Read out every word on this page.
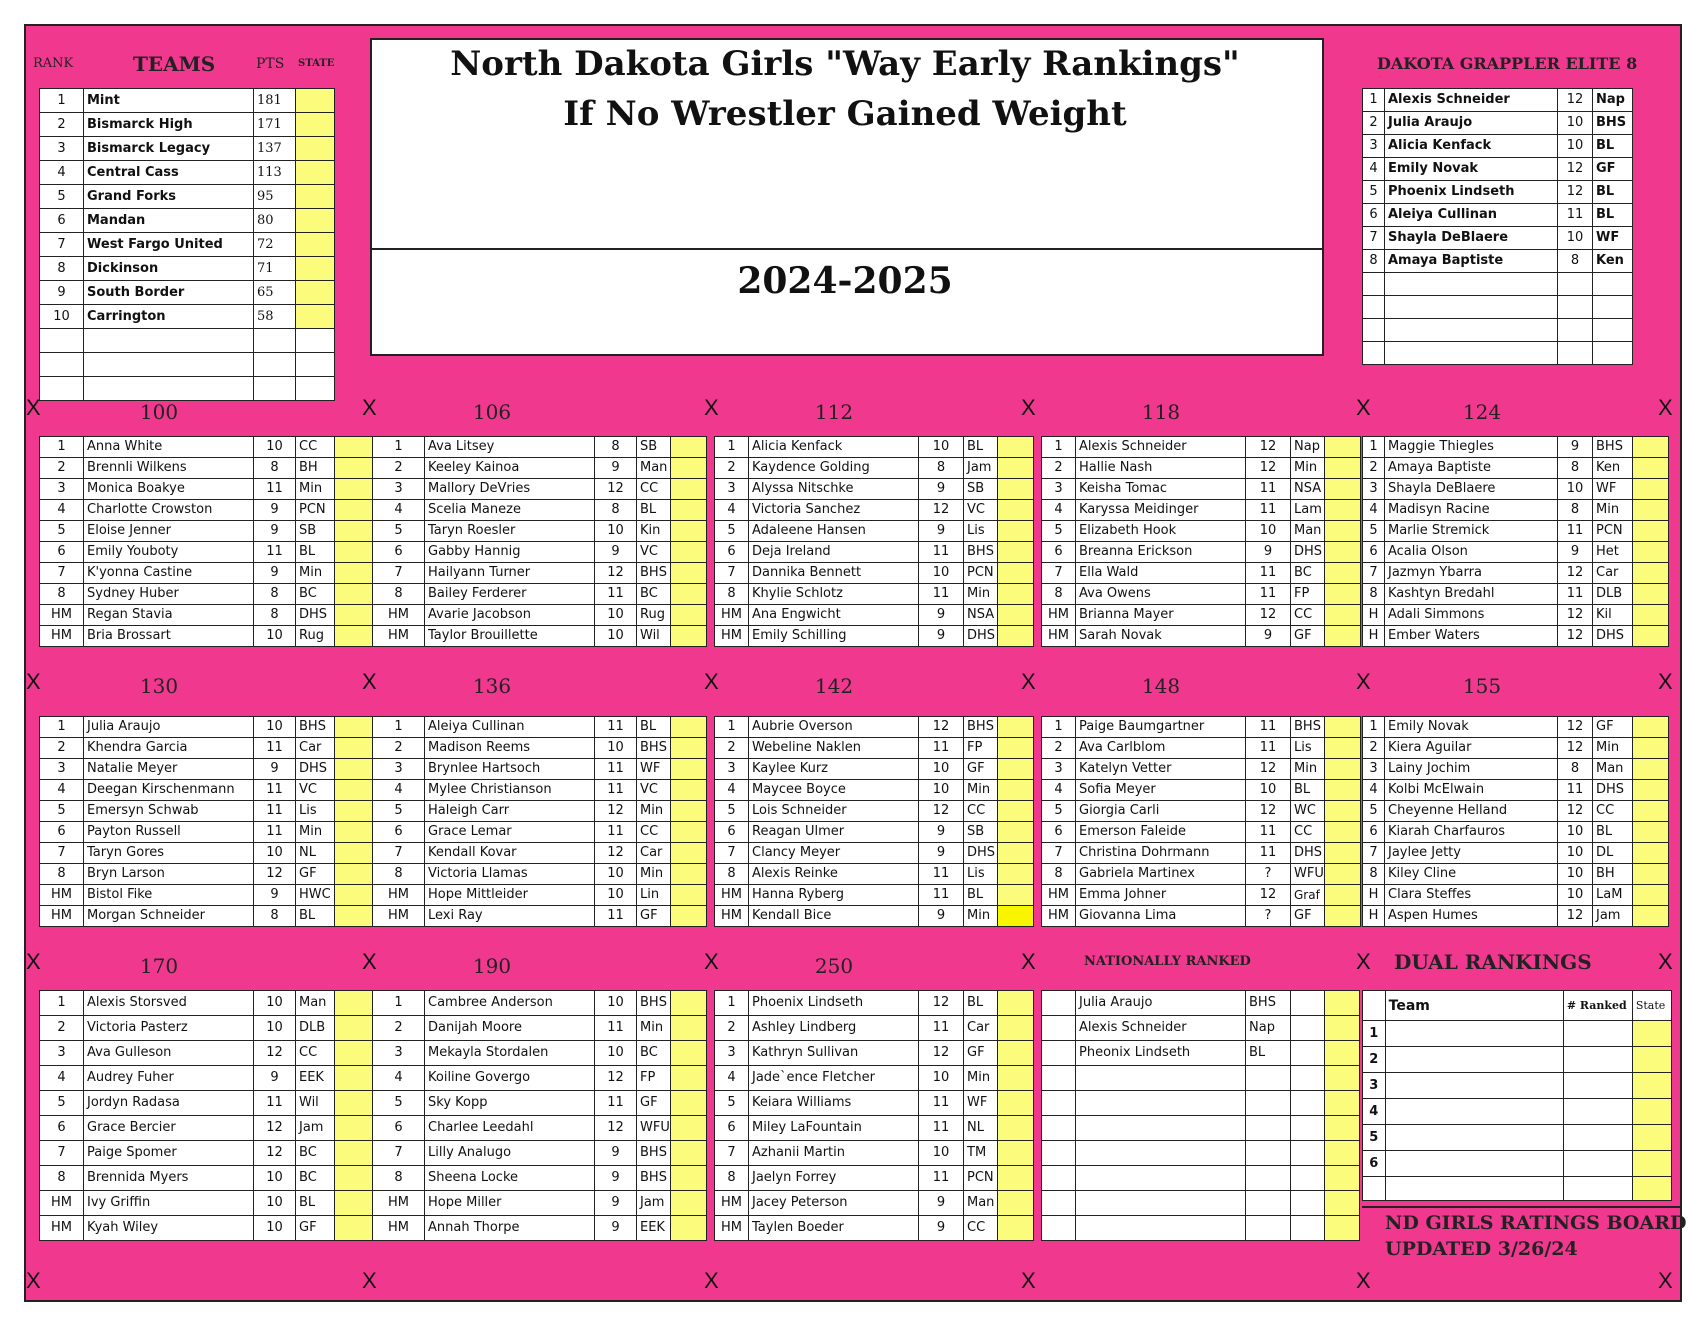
North Dakota Girls "Way Early Rankings"
If No Wrestler Gained Weight
2024-2025
RANK	TEAMS	PTS STATE
1	Mint	181	
2	Bismarck High	171	
3	Bismarck Legacy	137	
4	Central Cass	113	
5	Grand Forks	95	
6	Mandan	80	
7	West Fargo United	72	
8	Dickinson	71	
9	South Border	65	
10	Carrington	58	

DAKOTA GRAPPLER ELITE 8
1	Alexis Schneider	12	Nap
2	Julia Araujo	10	BHS
3	Alicia Kenfack	10	BL
4	Emily Novak	12	GF
5	Phoenix Lindseth	12	BL
6	Aleiya Cullinan	11	BL
7	Shayla DeBlaere	10	WF
8	Amaya Baptiste	8	Ken

100	106	112	118	124
1	Anna White	10	CC	
2	Brennli Wilkens	8	BH	
3	Monica Boakye	11	Min	
4	Charlotte Crowston	9	PCN	
5	Eloise Jenner	9	SB	
6	Emily Youboty	11	BL	
7	K'yonna Castine	9	Min	
8	Sydney Huber	8	BC	
HM	Regan Stavia	8	DHS	
HM	Bria Brossart	10	Rug	
1	Ava Litsey	8	SB	
2	Keeley Kainoa	9	Man	
3	Mallory DeVries	12	CC	
4	Scelia Maneze	8	BL	
5	Taryn Roesler	10	Kin	
6	Gabby Hannig	9	VC	
7	Hailyann Turner	12	BHS	
8	Bailey Ferderer	11	BC	
HM	Avarie Jacobson	10	Rug	
HM	Taylor Brouillette	10	Wil	
1	Alicia Kenfack	10	BL	
2	Kaydence Golding	8	Jam	
3	Alyssa Nitschke	9	SB	
4	Victoria Sanchez	12	VC	
5	Adaleene Hansen	9	Lis	
6	Deja Ireland	11	BHS	
7	Dannika Bennett	10	PCN	
8	Khylie Schlotz	11	Min	
HM	Ana Engwicht	9	NSA	
HM	Emily Schilling	9	DHS	
1	Alexis Schneider	12	Nap	
2	Hallie Nash	12	Min	
3	Keisha Tomac	11	NSA	
4	Karyssa Meidinger	11	Lam	
5	Elizabeth Hook	10	Man	
6	Breanna Erickson	9	DHS	
7	Ella Wald	11	BC	
8	Ava Owens	11	FP	
HM	Brianna Mayer	12	CC	
HM	Sarah Novak	9	GF	
1	Maggie Thiegles	9	BHS	
2	Amaya Baptiste	8	Ken	
3	Shayla DeBlaere	10	WF	
4	Madisyn Racine	8	Min	
5	Marlie Stremick	11	PCN	
6	Acalia Olson	9	Het	
7	Jazmyn Ybarra	12	Car	
8	Kashtyn Bredahl	11	DLB	
H	Adali Simmons	12	Kil	
H	Ember Waters	12	DHS	
130	136	142	148	155
1	Julia Araujo	10	BHS	
2	Khendra Garcia	11	Car	
3	Natalie Meyer	9	DHS	
4	Deegan Kirschenmann	11	VC	
5	Emersyn Schwab	11	Lis	
6	Payton Russell	11	Min	
7	Taryn Gores	10	NL	
8	Bryn Larson	12	GF	
HM	Bistol Fike	9	HWC	
HM	Morgan Schneider	8	BL	
1	Aleiya Cullinan	11	BL	
2	Madison Reems	10	BHS	
3	Brynlee Hartsoch	11	WF	
4	Mylee Christianson	11	VC	
5	Haleigh Carr	12	Min	
6	Grace Lemar	11	CC	
7	Kendall Kovar	12	Car	
8	Victoria Llamas	10	Min	
HM	Hope Mittleider	10	Lin	
HM	Lexi Ray	11	GF	
1	Aubrie Overson	12	BHS	
2	Webeline Naklen	11	FP	
3	Kaylee Kurz	10	GF	
4	Maycee Boyce	10	Min	
5	Lois Schneider	12	CC	
6	Reagan Ulmer	9	SB	
7	Clancy Meyer	9	DHS	
8	Alexis Reinke	11	Lis	
HM	Hanna Ryberg	11	BL	
HM	Kendall Bice	9	Min	
1	Paige Baumgartner	11	BHS	
2	Ava Carlblom	11	Lis	
3	Katelyn Vetter	12	Min	
4	Sofia Meyer	10	BL	
5	Giorgia Carli	12	WC	
6	Emerson Faleide	11	CC	
7	Christina Dohrmann	11	DHS	
8	Gabriela Martinex	?	WFU	
HM	Emma Johner	12	Graf	
HM	Giovanna Lima	?	GF	
1	Emily Novak	12	GF	
2	Kiera Aguilar	12	Min	
3	Lainy Jochim	8	Man	
4	Kolbi McElwain	11	DHS	
5	Cheyenne Helland	12	CC	
6	Kiarah Charfauros	10	BL	
7	Jaylee Jetty	10	DL	
8	Kiley Cline	10	BH	
H	Clara Steffes	10	LaM	
H	Aspen Humes	12	Jam	
170	190	250
1	Alexis Storsved	10	Man	
2	Victoria Pasterz	10	DLB	
3	Ava Gulleson	12	CC	
4	Audrey Fuher	9	EEK	
5	Jordyn Radasa	11	Wil	
6	Grace Bercier	12	Jam	
7	Paige Spomer	12	BC	
8	Brennida Myers	10	BC	
HM	Ivy Griffin	10	BL	
HM	Kyah Wiley	10	GF	
1	Cambree Anderson	10	BHS	
2	Danijah Moore	11	Min	
3	Mekayla Stordalen	10	BC	
4	Koiline Govergo	12	FP	
5	Sky Kopp	11	GF	
6	Charlee Leedahl	12	WFU	
7	Lilly Analugo	9	BHS	
8	Sheena Locke	9	BHS	
HM	Hope Miller	9	Jam	
HM	Annah Thorpe	9	EEK	
1	Phoenix Lindseth	12	BL	
2	Ashley Lindberg	11	Car	
3	Kathryn Sullivan	12	GF	
4	Jade`ence Fletcher	10	Min	
5	Keiara Williams	11	WF	
6	Miley LaFountain	11	NL	
7	Azhanii Martin	10	TM	
8	Jaelyn Forrey	11	PCN	
HM	Jacey Peterson	9	Man	
HM	Taylen Boeder	9	CC	
NATIONALLY RANKED
	Julia Araujo	BHS		
	Alexis Schneider	Nap		
	Pheonix Lindseth	BL		

DUAL RANKINGS
	Team	# Ranked	State
1			
2			
3			
4			
5			
6			

ND GIRLS RATINGS BOARD
UPDATED 3/26/24
X	X	X	X	X	X
X	X	X	X	X	X
X	X	X	X	X	X
X	X	X	X	X	X
